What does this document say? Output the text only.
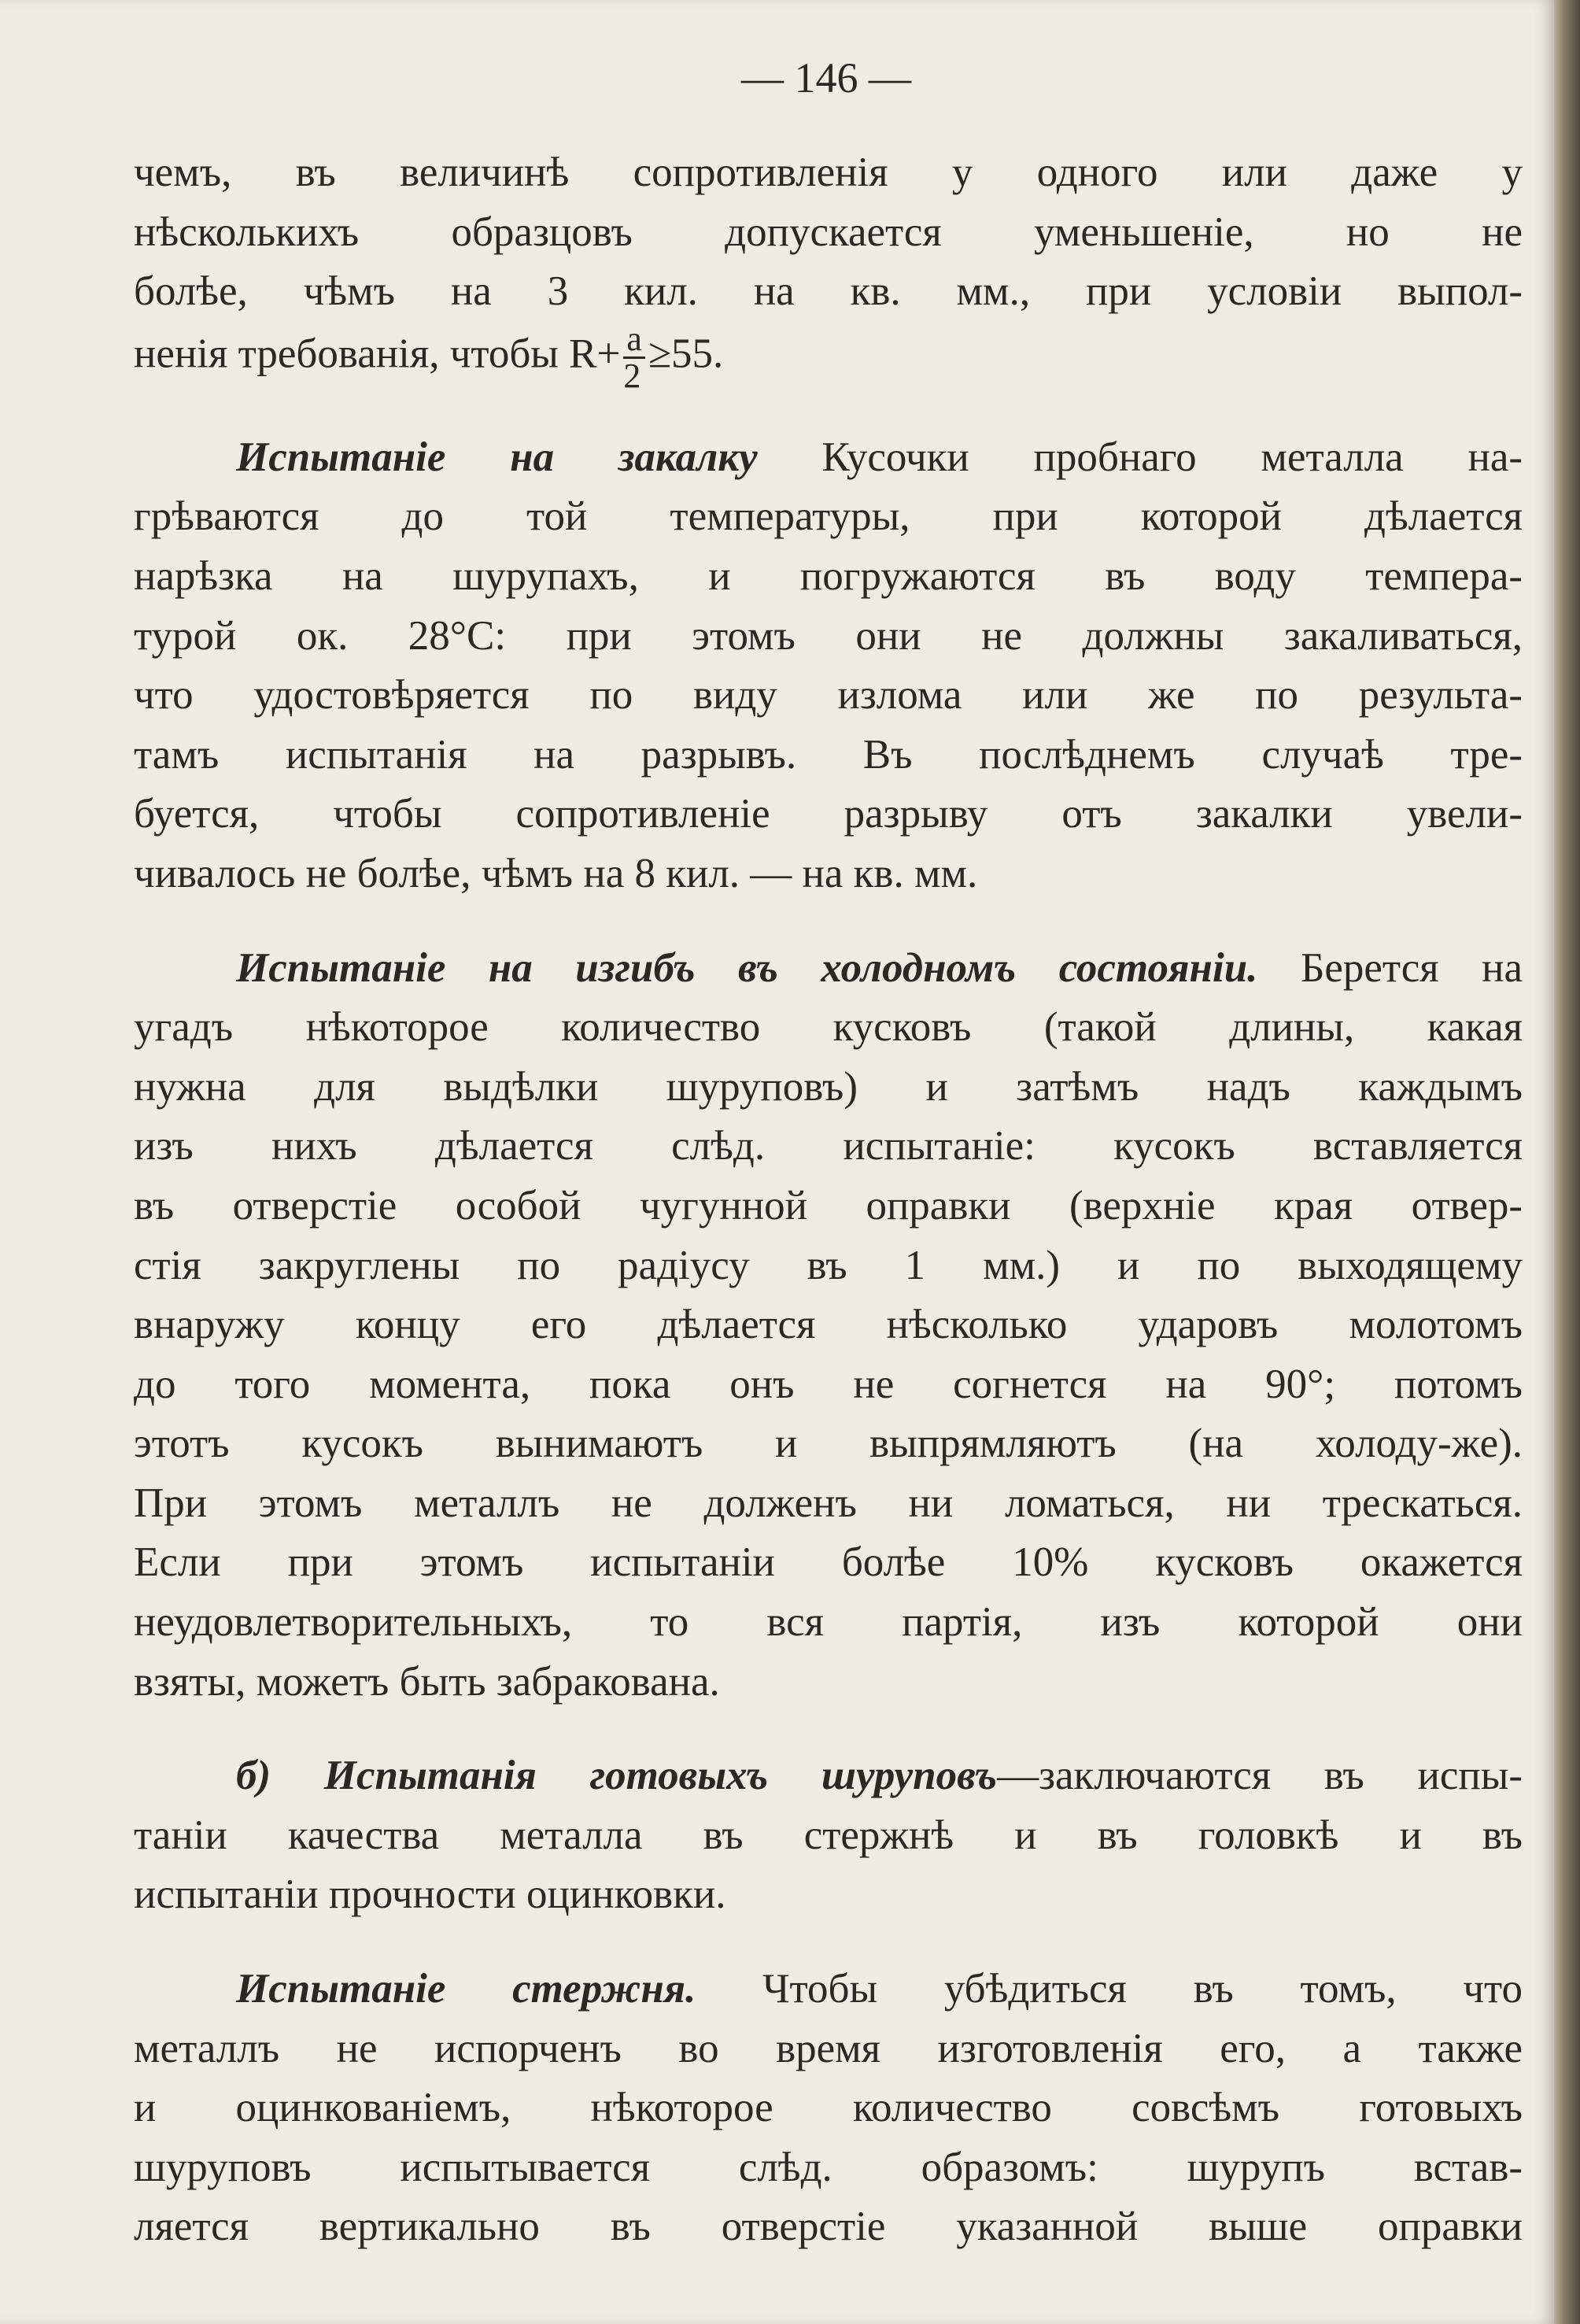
— 146 —

чемъ, въ величинѣ сопротивленія у одного или даже у

нѣсколькихъ образцовъ допускается уменьшеніе, но не

болѣе, чѣмъ на 3 кил. на кв. мм., при условіи выпол-

ненія требованія, чтобы $R+ \frac{a}{2} \ge 55$.

Испытаніе на закалку Кусочки пробнаго металла на-

грѣваются до той температуры, при которой дѣлается

нарѣзка на шурупахъ, и погружаются въ воду темпера-

турой ок. 28°С: при этомъ они не должны закаливаться,

что удостовѣряется по виду излома или же по результа-

тамъ испытанія на разрывъ. Въ послѣднемъ случаѣ тре-

буется, чтобы сопротивленіе разрыву отъ закалки увели-

чивалось не болѣе, чѣмъ на 8 кил. — на кв. мм.

Испытаніе на изгибъ въ холодномъ состояніи. Берется на

угадъ нѣкоторое количество кусковъ (такой длины, какая

нужна для выдѣлки шуруповъ) и затѣмъ надъ каждымъ

изъ нихъ дѣлается слѣд. испытаніе: кусокъ вставляется

въ отверстіе особой чугунной оправки (верхніе края отвер-

стія закруглены по радіусу въ 1 мм.) и по выходящему

внаружу концу его дѣлается нѣсколько ударовъ молотомъ

до того момента, пока онъ не согнется на 90°; потомъ

этотъ кусокъ вынимаютъ и выпрямляютъ (на холоду-же).

При этомъ металлъ не долженъ ни ломаться, ни трескаться.

Если при этомъ испытаніи болѣе 10% кусковъ окажется

неудовлетворительныхъ, то вся партія, изъ которой они

взяты, можетъ быть забракована.

б) Испытанія готовыхъ шуруповъ—заключаются въ испы-

таніи качества металла въ стержнѣ и въ головкѣ и въ

испытаніи прочности оцинковки.

Испытаніе стержня. Чтобы убѣдиться въ томъ, что

металлъ не испорченъ во время изготовленія его, а также

и оцинкованіемъ, нѣкоторое количество совсѣмъ готовыхъ

шуруповъ испытывается слѣд. образомъ: шурупъ встав-

ляется вертикально въ отверстіе указанной выше оправки
